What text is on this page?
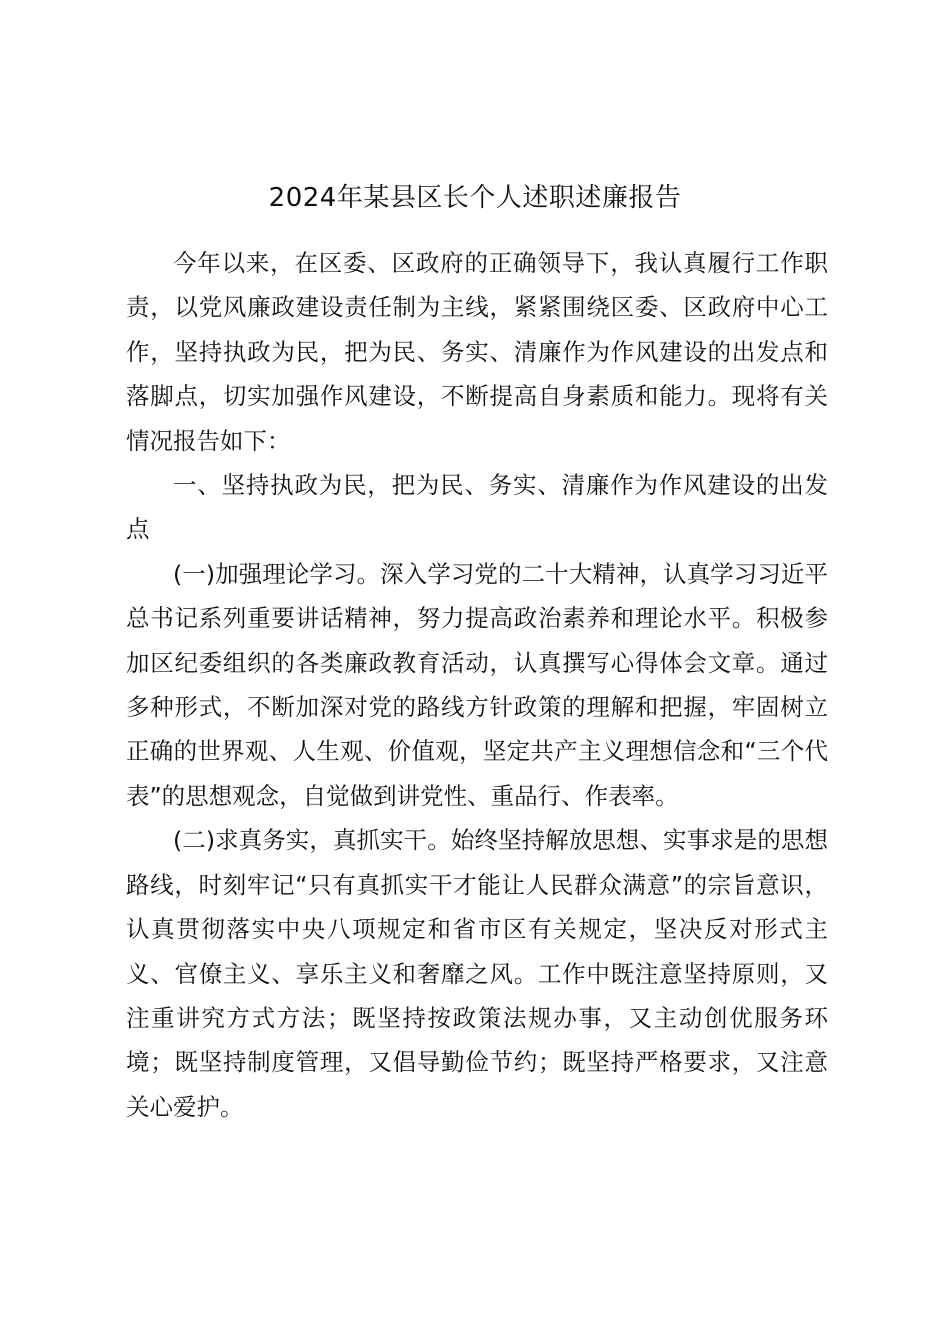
2024年某县区长个人述职述廉报告

今年以来，在区委、区政府的正确领导下，我认真履行工作职责，以党风廉政建设责任制为主线，紧紧围绕区委、区政府中心工作，坚持执政为民，把为民、务实、清廉作为作风建设的出发点和落脚点，切实加强作风建设，不断提高自身素质和能力。现将有关情况报告如下：

一、坚持执政为民，把为民、务实、清廉作为作风建设的出发点

(一)加强理论学习。深入学习党的二十大精神，认真学习习近平总书记系列重要讲话精神，努力提高政治素养和理论水平。积极参加区纪委组织的各类廉政教育活动，认真撰写心得体会文章。通过多种形式，不断加深对党的路线方针政策的理解和把握，牢固树立正确的世界观、人生观、价值观，坚定共产主义理想信念和“三个代表”的思想观念，自觉做到讲党性、重品行、作表率。

(二)求真务实，真抓实干。始终坚持解放思想、实事求是的思想路线，时刻牢记“只有真抓实干才能让人民群众满意”的宗旨意识，认真贯彻落实中央八项规定和省市区有关规定，坚决反对形式主义、官僚主义、享乐主义和奢靡之风。工作中既注意坚持原则，又注重讲究方式方法；既坚持按政策法规办事，又主动创优服务环境；既坚持制度管理，又倡导勤俭节约；既坚持严格要求，又注意关心爱护。
